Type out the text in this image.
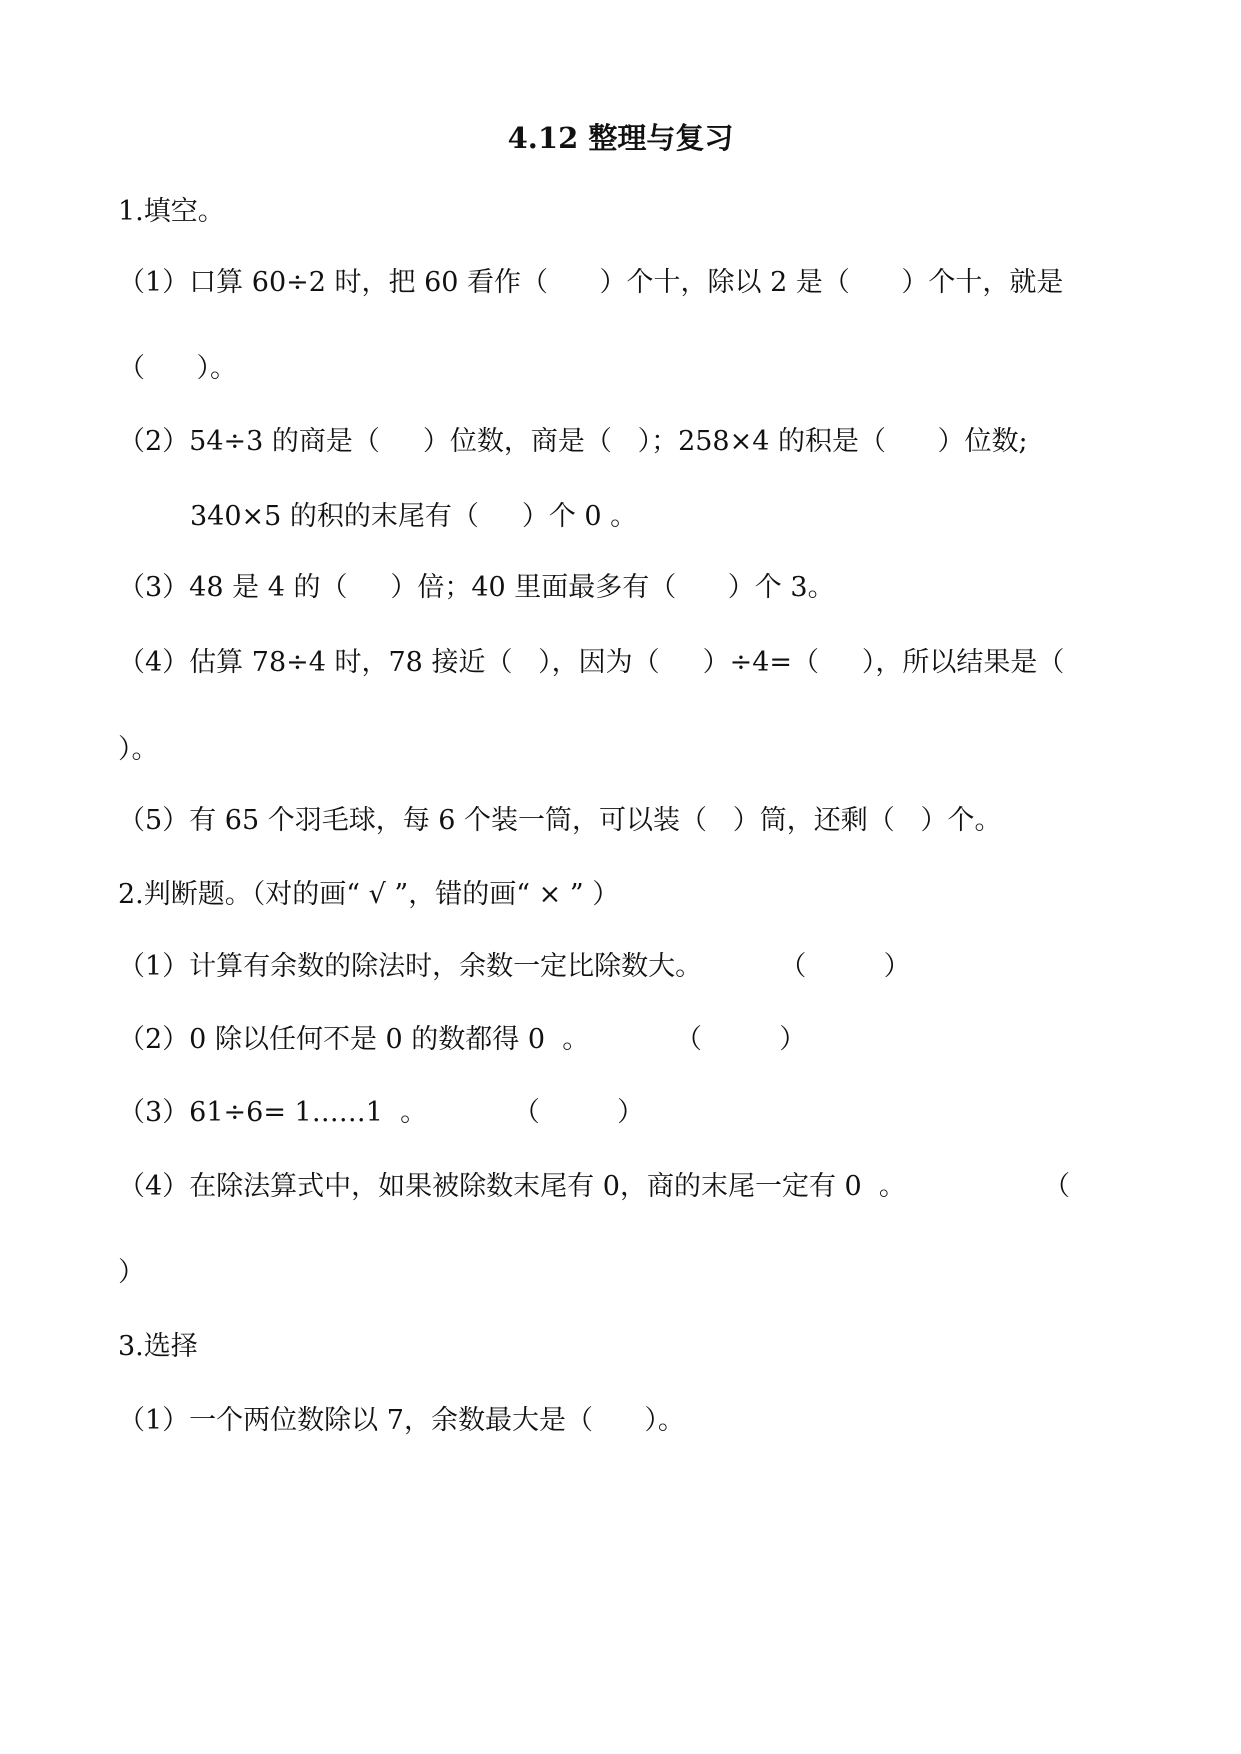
4.12 整理与复习
1.填空。
（1）口算 60÷2 时，把 60 看作（      ）个十，除以 2 是（      ）个十，就是
（      ）。
（2）54÷3 的商是（     ）位数，商是（   ）；258×4 的积是（      ）位数;
340×5 的积的末尾有（     ）个 0 。
（3）48 是 4 的（     ）倍；40 里面最多有（      ）个 3。
（4）估算 78÷4 时，78 接近（   ），因为（     ）÷4=（     ），所以结果是（
）。
（5）有 65 个羽毛球，每 6 个装一筒，可以装（   ）筒，还剩（   ）个。
2.判断题。（对的画“ √ ”，错的画“ × ” ）
（1）计算有余数的除法时，余数一定比除数大。         （         ）
（2）0 除以任何不是 0 的数都得 0  。          （         ）
（3）61÷6= 1……1  。          （         ）
（4）在除法算式中，如果被除数末尾有 0，商的末尾一定有 0  。                （
）
3.选择
（1）一个两位数除以 7，余数最大是（      ）。
